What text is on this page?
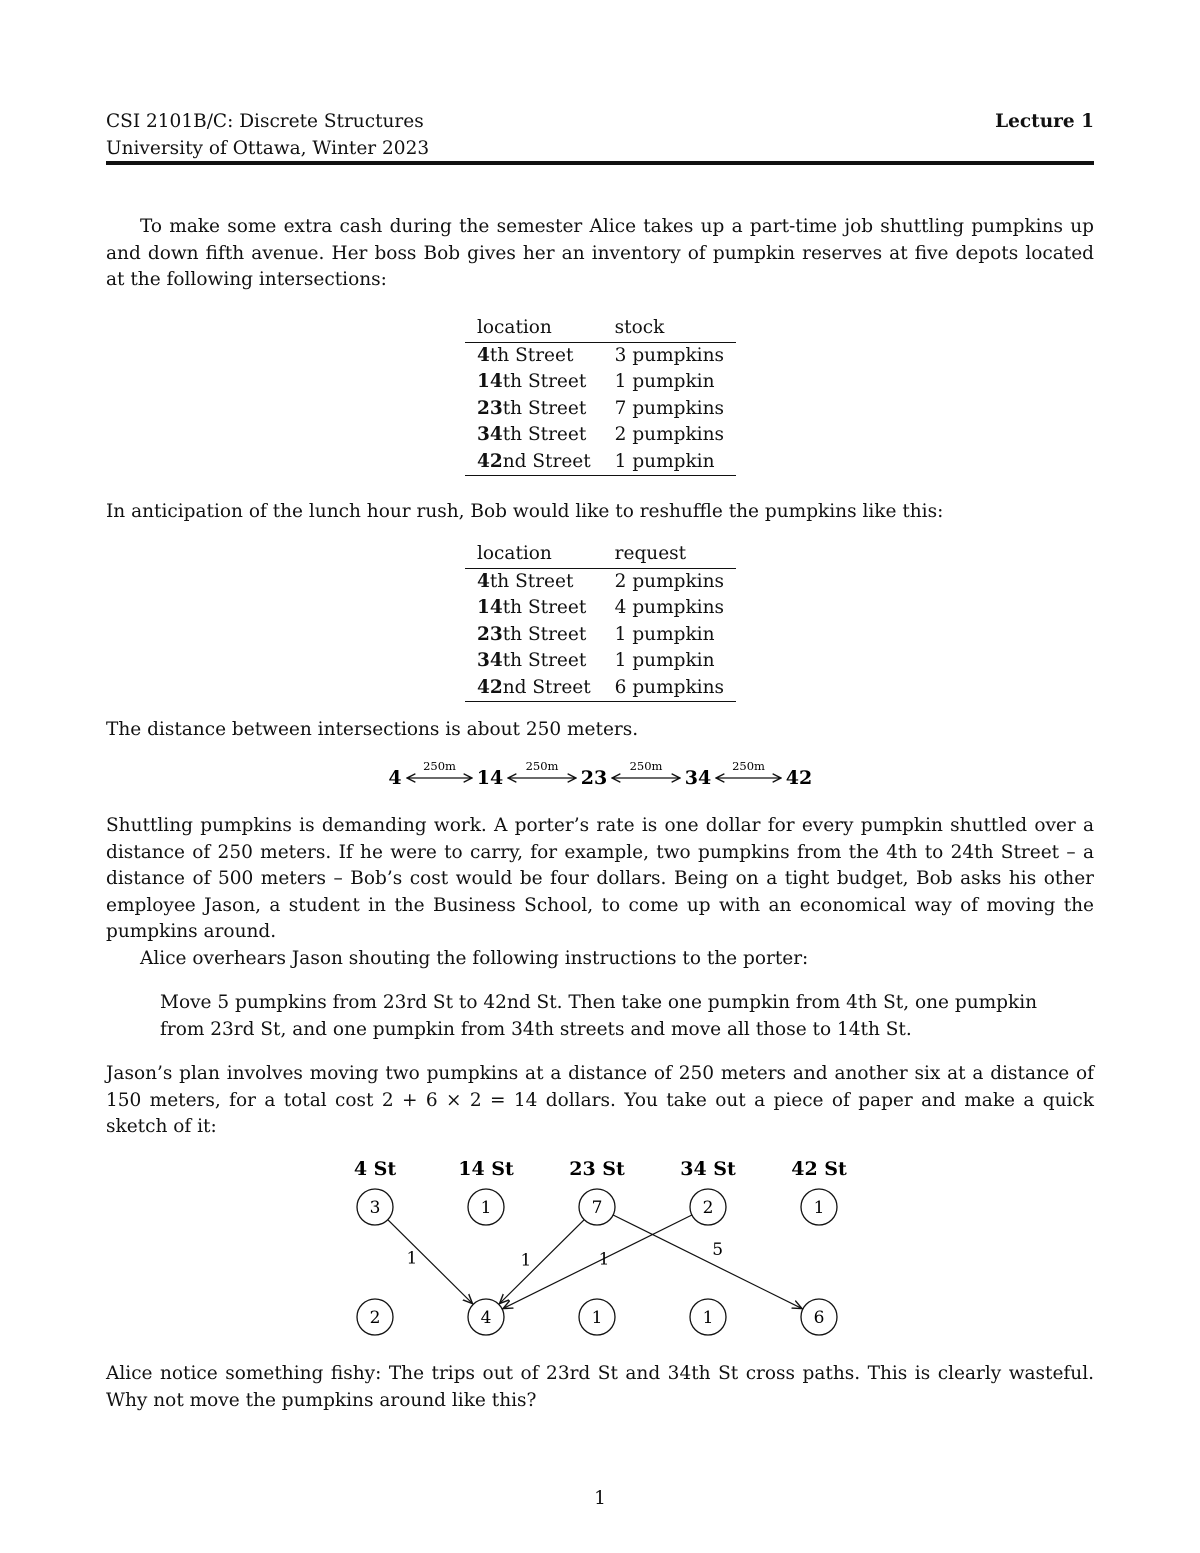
CSI 2101B/C: Discrete Structures
University of Ottawa, Winter 2023
Lecture 1

To make some extra cash during the semester Alice takes up a part-time job shuttling pumpkins up and down fifth avenue. Her boss Bob gives her an inventory of pumpkin reserves at five depots located at the following intersections:

location	stock
4th Street	3 pumpkins
14th Street	1 pumpkin
23th Street	7 pumpkins
34th Street	2 pumpkins
42nd Street	1 pumpkin

In anticipation of the lunch hour rush, Bob would like to reshuffle the pumpkins like this:

location	request
4th Street	2 pumpkins
14th Street	4 pumpkins
23th Street	1 pumpkin
34th Street	1 pumpkin
42nd Street	6 pumpkins

The distance between intersections is about 250 meters.

4
250m
14
250m
23
250m
34
250m
42

Shuttling pumpkins is demanding work. A porter’s rate is one dollar for every pumpkin shuttled over a distance of 250 meters. If he were to carry, for example, two pumpkins from the 4th to 24th Street – a distance of 500 meters – Bob’s cost would be four dollars. Being on a tight budget, Bob asks his other employee Jason, a student in the Business School, to come up with an economical way of moving the pumpkins around.

Alice overhears Jason shouting the following instructions to the porter:

Move 5 pumpkins from 23rd St to 42nd St. Then take one pumpkin from 4th St, one pumpkin

from 23rd St, and one pumpkin from 34th streets and move all those to 14th St.

Jason’s plan involves moving two pumpkins at a distance of 250 meters and another six at a distance of 150 meters, for a total cost 2 + 6 × 2 = 14 dollars. You take out a piece of paper and make a quick sketch of it:

4 St	14 St	23 St	34 St	42 St
3	1	7	2	1
2	4	1	1	6
1	1	1	5

Alice notice something fishy: The trips out of 23rd St and 34th St cross paths. This is clearly wasteful. Why not move the pumpkins around like this?

1
